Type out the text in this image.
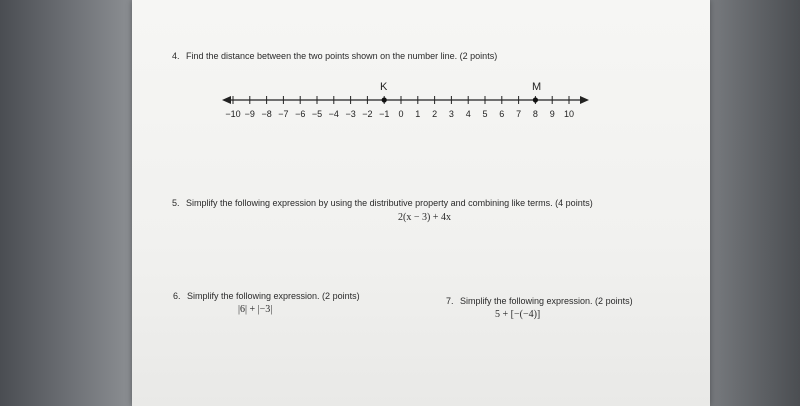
4. Find the distance between the two points shown on the number line. (2 points)
K	M
−10 −9 −8 −7 −6 −5 −4 −3 −2 −1 0 1 2 3 4 5 6 7 8 9 10
5. Simplify the following expression by using the distributive property and combining like terms. (4 points)
2(x − 3) + 4x
6. Simplify the following expression. (2 points)
|6| + |−3|
7. Simplify the following expression. (2 points)
5 + [−(−4)]
